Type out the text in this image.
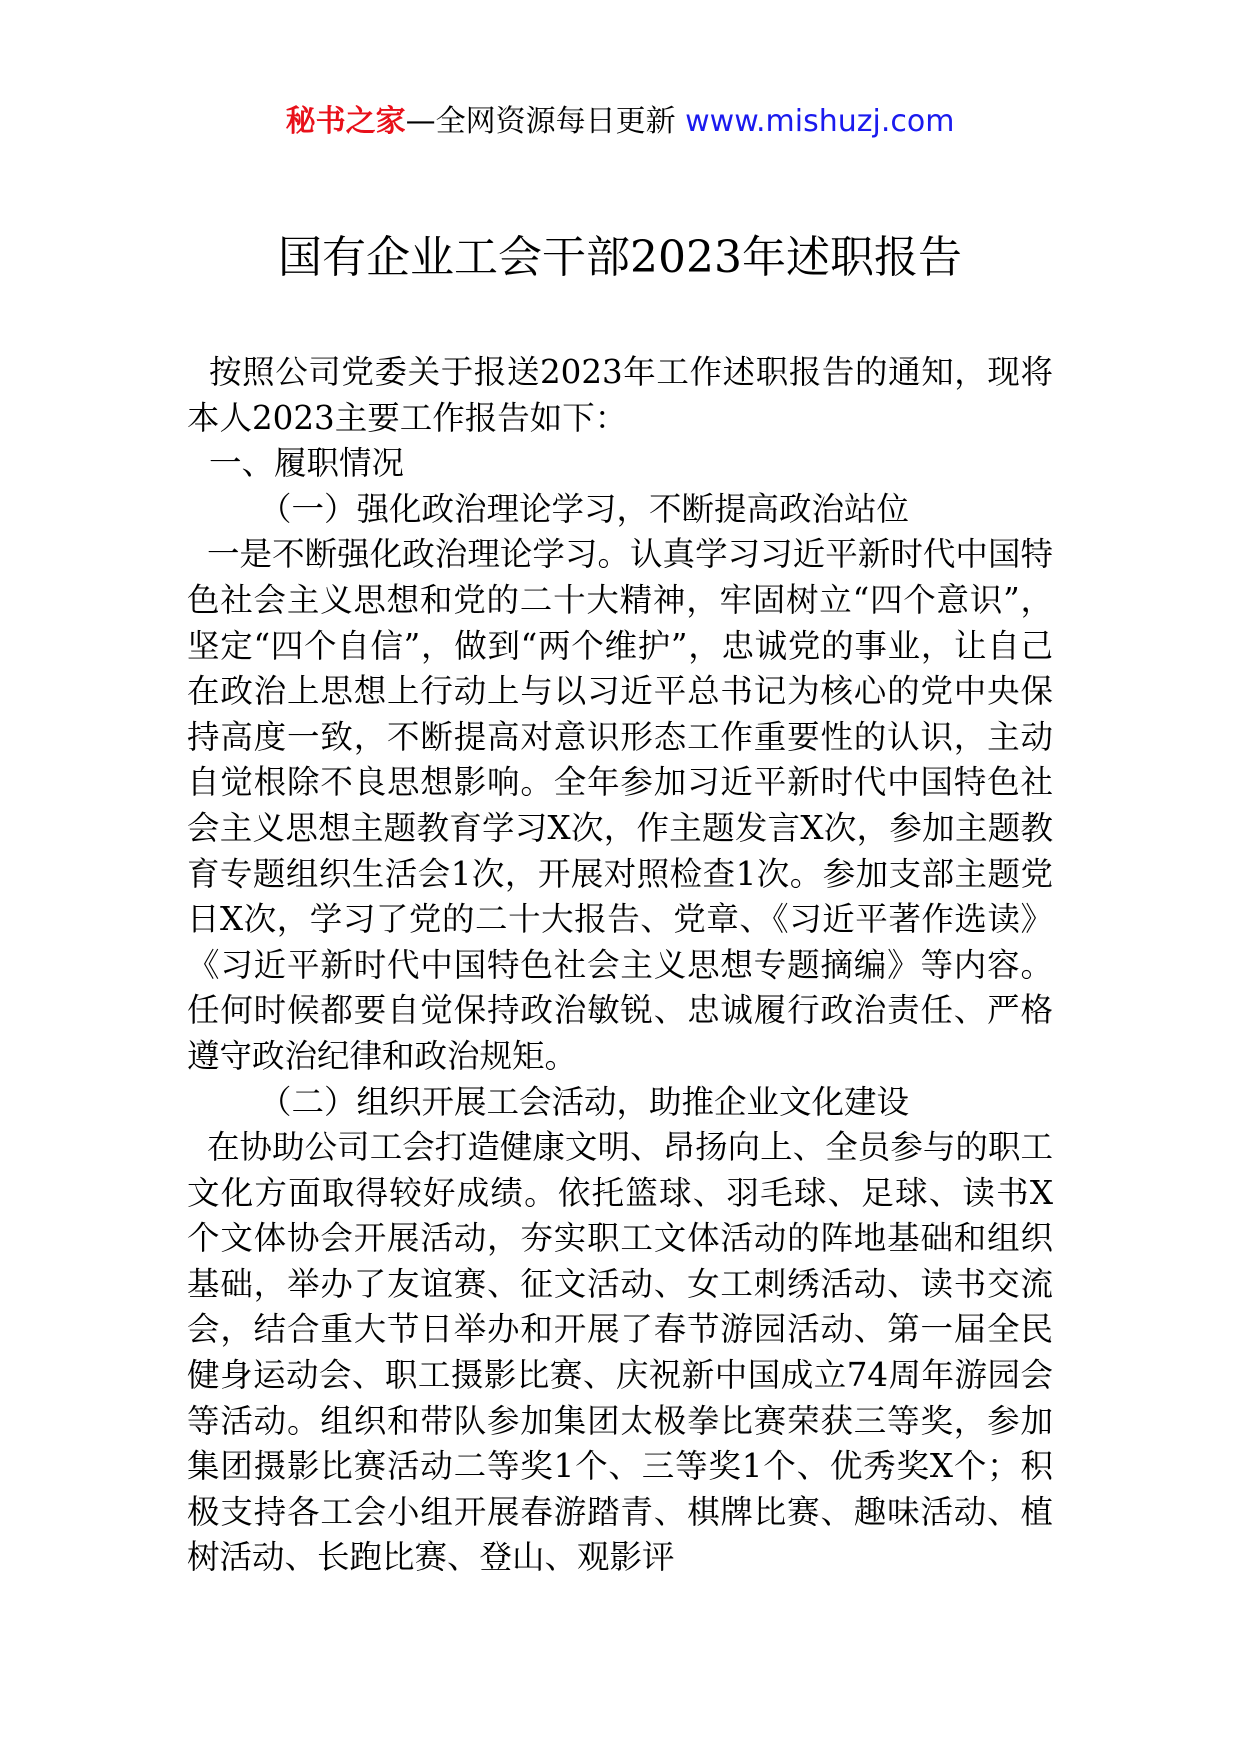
秘书之家—全网资源每日更新 www.mishuzj.com
国有企业工会干部2023年述职报告

按照公司党委关于报送2023年工作述职报告的通知，现将本人2023主要工作报告如下：

一、履职情况

（一）强化政治理论学习，不断提高政治站位

一是不断强化政治理论学习。认真学习习近平新时代中国特色社会主义思想和党的二十大精神，牢固树立“四个意识”，坚定“四个自信”，做到“两个维护”，忠诚党的事业，让自己在政治上思想上行动上与以习近平总书记为核心的党中央保持高度一致，不断提高对意识形态工作重要性的认识，主动自觉根除不良思想影响。全年参加习近平新时代中国特色社会主义思想主题教育学习X次，作主题发言X次，参加主题教育专题组织生活会1次，开展对照检查1次。参加支部主题党日X次，学习了党的二十大报告、党章、《习近平著作选读》《习近平新时代中国特色社会主义思想专题摘编》等内容。任何时候都要自觉保持政治敏锐、忠诚履行政治责任、严格遵守政治纪律和政治规矩。

（二）组织开展工会活动，助推企业文化建设

在协助公司工会打造健康文明、昂扬向上、全员参与的职工文化方面取得较好成绩。依托篮球、羽毛球、足球、读书X个文体协会开展活动，夯实职工文体活动的阵地基础和组织基础，举办了友谊赛、征文活动、女工刺绣活动、读书交流会，结合重大节日举办和开展了春节游园活动、第一届全民健身运动会、职工摄影比赛、庆祝新中国成立74周年游园会等活动。组织和带队参加集团太极拳比赛荣获三等奖，参加集团摄影比赛活动二等奖1个、三等奖1个、优秀奖X个；积极支持各工会小组开展春游踏青、棋牌比赛、趣味活动、植树活动、长跑比赛、登山、观影评
